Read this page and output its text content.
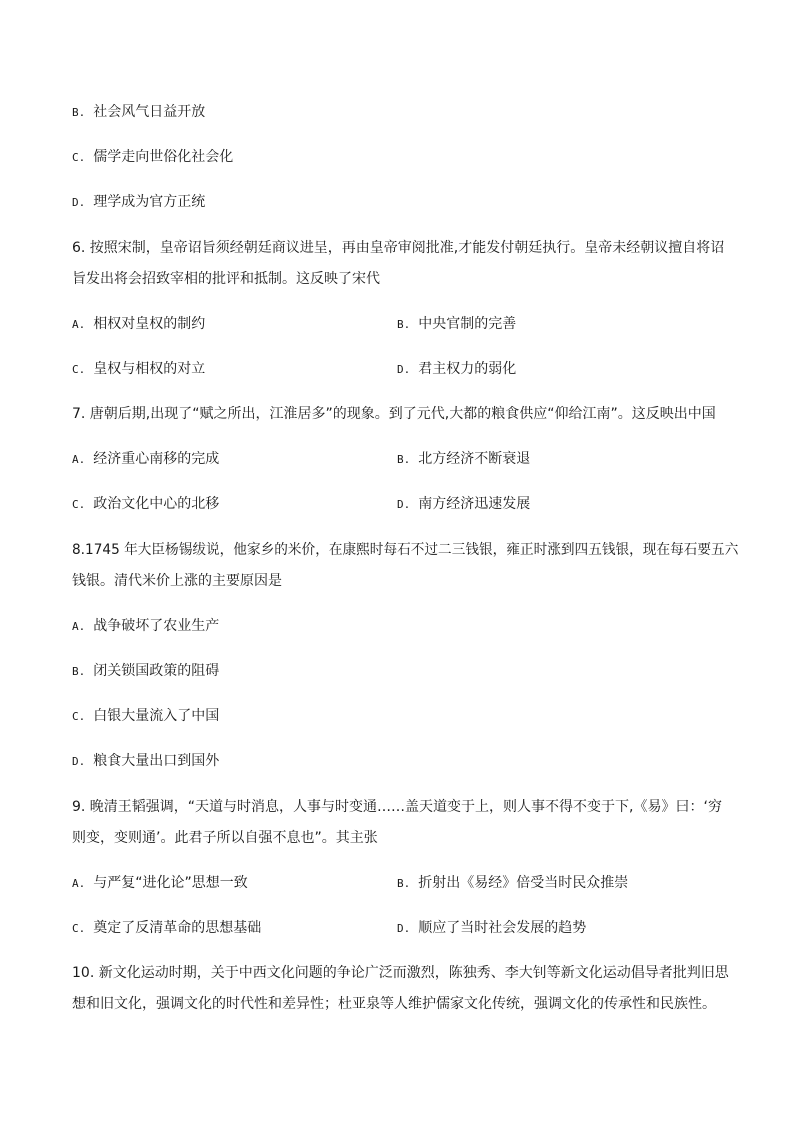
B. 社会风气日益开放
C. 儒学走向世俗化社会化
D. 理学成为官方正统
6. 按照宋制，皇帝诏旨须经朝廷商议进呈，再由皇帝审阅批准,才能发付朝廷执行。皇帝未经朝议擅自将诏
旨发出将会招致宰相的批评和抵制。这反映了宋代
A. 相权对皇权的制约	B. 中央官制的完善
C. 皇权与相权的对立	D. 君主权力的弱化
7. 唐朝后期,出现了“赋之所出，江淮居多”的现象。到了元代,大都的粮食供应“仰给江南”。这反映出中国
A. 经济重心南移的完成	B. 北方经济不断衰退
C. 政治文化中心的北移	D. 南方经济迅速发展
8.1745 年大臣杨锡绂说，他家乡的米价，在康熙时每石不过二三钱银，雍正时涨到四五钱银，现在每石要五六
钱银。清代米价上涨的主要原因是
A. 战争破坏了农业生产
B. 闭关锁国政策的阻碍
C. 白银大量流入了中国
D. 粮食大量出口到国外
9. 晚清王韬强调，“天道与时消息，人事与时变通……盖天道变于上，则人事不得不变于下,《易》曰：‘穷
则变，变则通’。此君子所以自强不息也”。其主张
A. 与严复“进化论”思想一致	B. 折射出《易经》倍受当时民众推崇
C. 奠定了反清革命的思想基础	D. 顺应了当时社会发展的趋势
10. 新文化运动时期，关于中西文化问题的争论广泛而激烈，陈独秀、李大钊等新文化运动倡导者批判旧思
想和旧文化，强调文化的时代性和差异性；杜亚泉等人维护儒家文化传统，强调文化的传承性和民族性。
